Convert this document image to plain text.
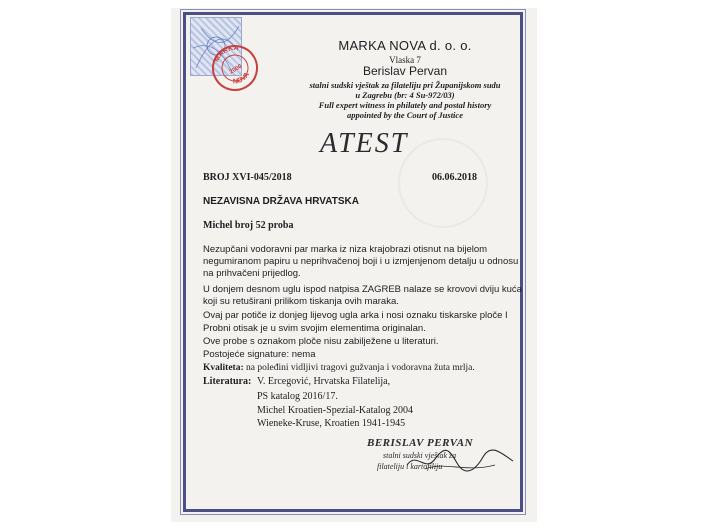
2000
MARKA
NOVA
MARKA NOVA d. o. o.
Vlaska 7
Berislav Pervan
stalni sudski vještak za filateliju pri Županijskom sudu
u Zagrebu (br: 4 Su-972/03)
Full expert witness in philately and postal history
appointed by the Court of Justice
ATEST
BROJ XVI-045/2018	06.06.2018
NEZAVISNA DRŽAVA HRVATSKA
Michel broj 52 proba
Nezupčani vodoravni par marka iz niza krajobrazi otisnut na bijelom
negumiranom papiru u neprihvačenoj boji i u izmjenjenom detalju u odnosu
na prihvačeni prijedlog.
U donjem desnom uglu ispod natpisa ZAGREB nalaze se krovovi dviju kuća
koji su retuširani prilikom tiskanja ovih maraka.
Ovaj par potiče iz donjeg lijevog ugla arka i nosi oznaku tiskarske ploče I
Probni otisak je u svim svojim elementima originalan.
Ove probe s oznakom ploče nisu zabilježene u literaturi.
Postojeće signature: nema
Kvaliteta: na poleđini vidljivi tragovi gužvanja i vodoravna žuta mrlja.
Literatura: V. Ercegović, Hrvatska Filatelija,
PS katalog 2016/17.
Michel Kroatien-Spezial-Katalog 2004
Wieneke-Kruse, Kroatien 1941-1945
BERISLAV PERVAN
stalni sudski vještak za
filateliju i kartofiliju
